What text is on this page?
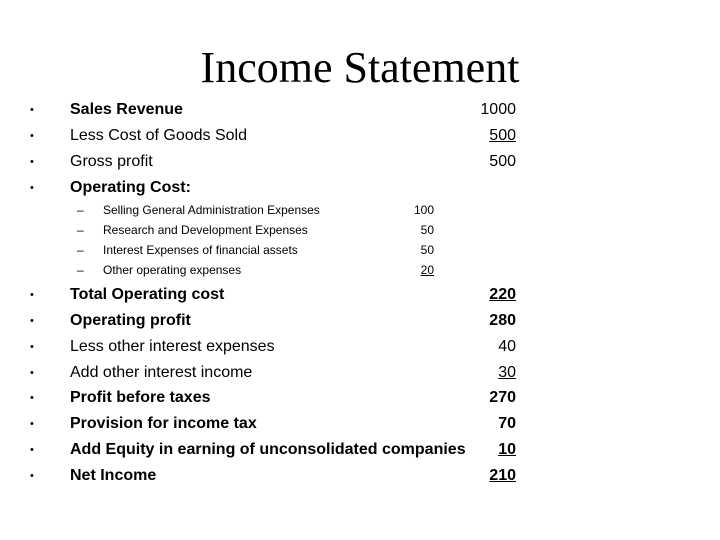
Income Statement
• Sales Revenue	1000
• Less Cost of Goods Sold	500
• Gross profit	500
• Operating Cost:
– Selling General Administration Expenses	100
– Research and Development Expenses	50
– Interest Expenses of financial assets	50
– Other operating expenses	20
• Total Operating cost	220
• Operating profit	280
• Less other interest expenses	40
• Add other interest income	30
• Profit before taxes	270
• Provision for income tax	70
• Add Equity in earning of unconsolidated companies 10
• Net Income	210
